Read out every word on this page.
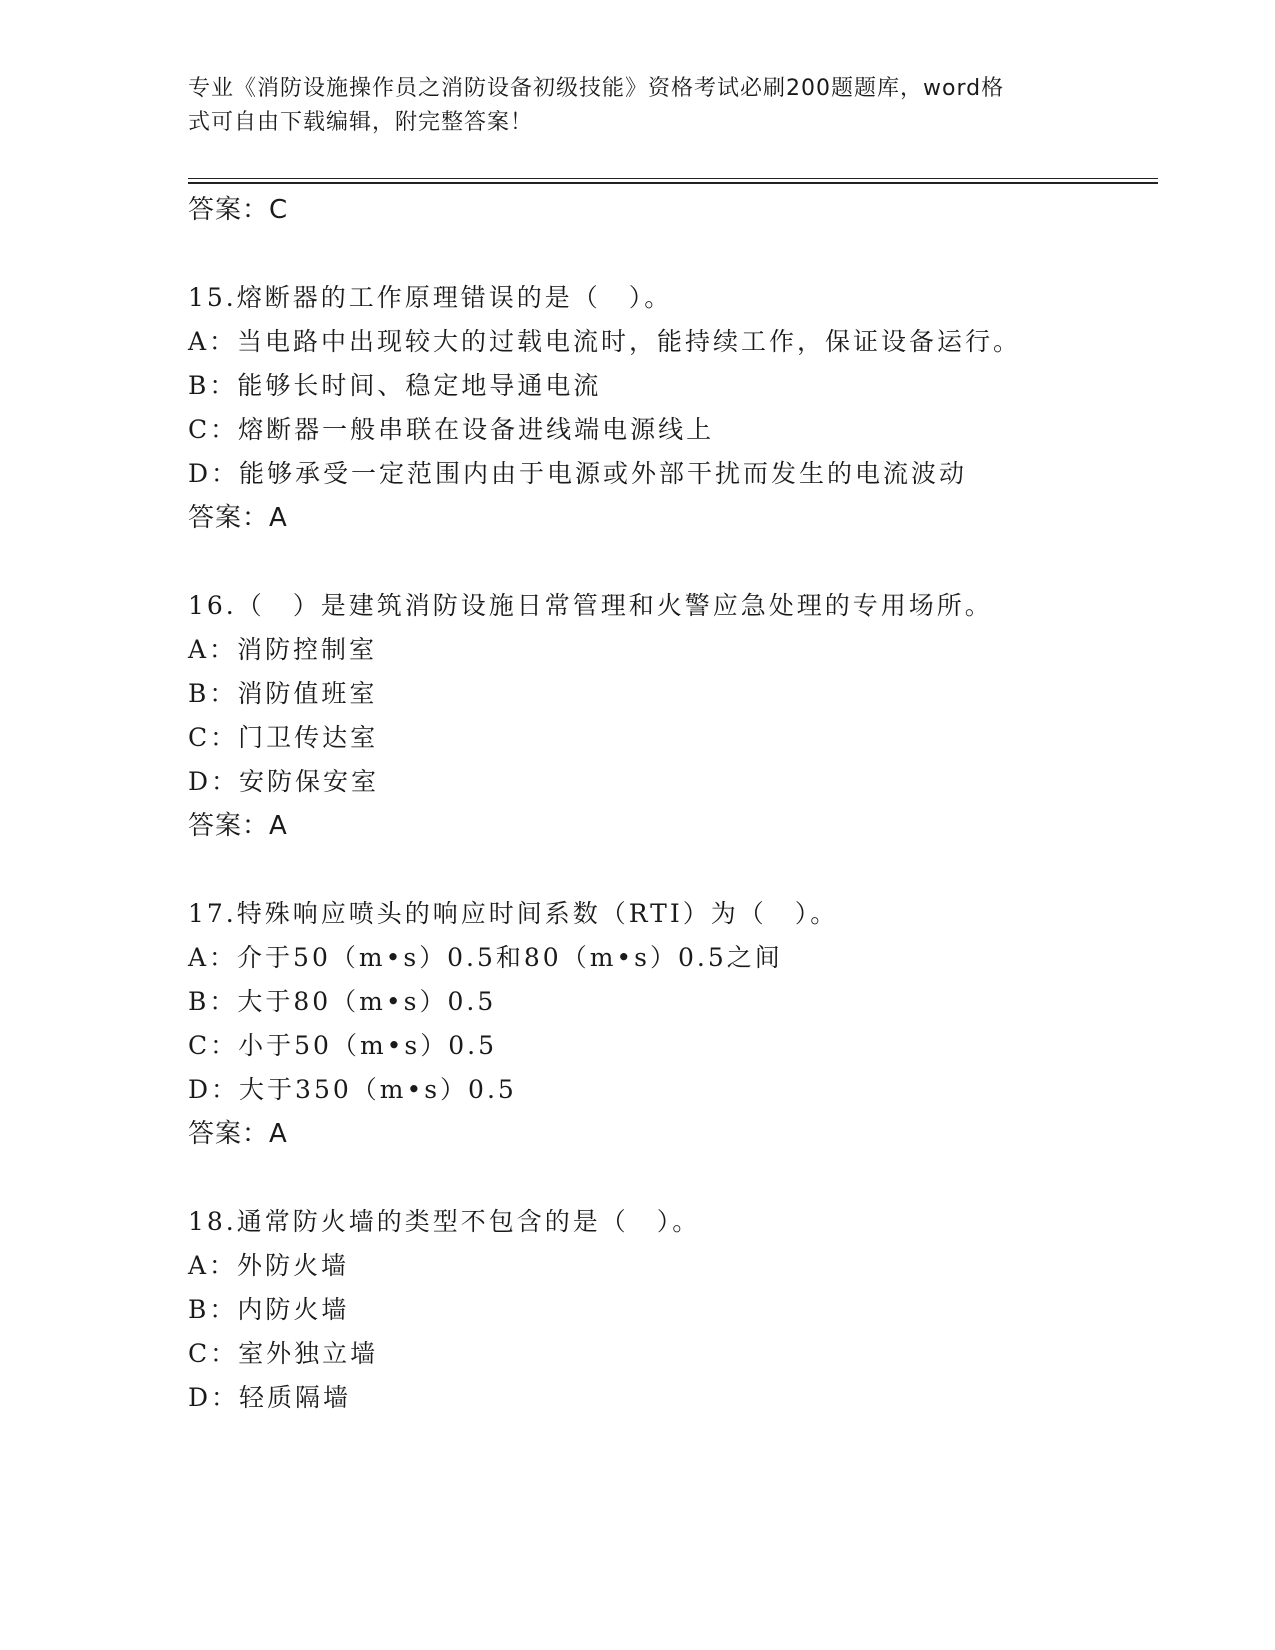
专业《消防设施操作员之消防设备初级技能》资格考试必刷200题题库，word格
式可自由下载编辑，附完整答案！
答案：C
15.熔断器的工作原理错误的是（　）。
A：当电路中出现较大的过载电流时，能持续工作，保证设备运行。
B：能够长时间、稳定地导通电流
C：熔断器一般串联在设备进线端电源线上
D：能够承受一定范围内由于电源或外部干扰而发生的电流波动
答案：A
16.（　）是建筑消防设施日常管理和火警应急处理的专用场所。
A：消防控制室
B：消防值班室
C：门卫传达室
D：安防保安室
答案：A
17.特殊响应喷头的响应时间系数（RTI）为（　）。
A：介于50（m•s）0.5和80（m•s）0.5之间
B：大于80（m•s）0.5
C：小于50（m•s）0.5
D：大于350（m•s）0.5
答案：A
18.通常防火墙的类型不包含的是（　）。
A：外防火墙
B：内防火墙
C：室外独立墙
D：轻质隔墙
